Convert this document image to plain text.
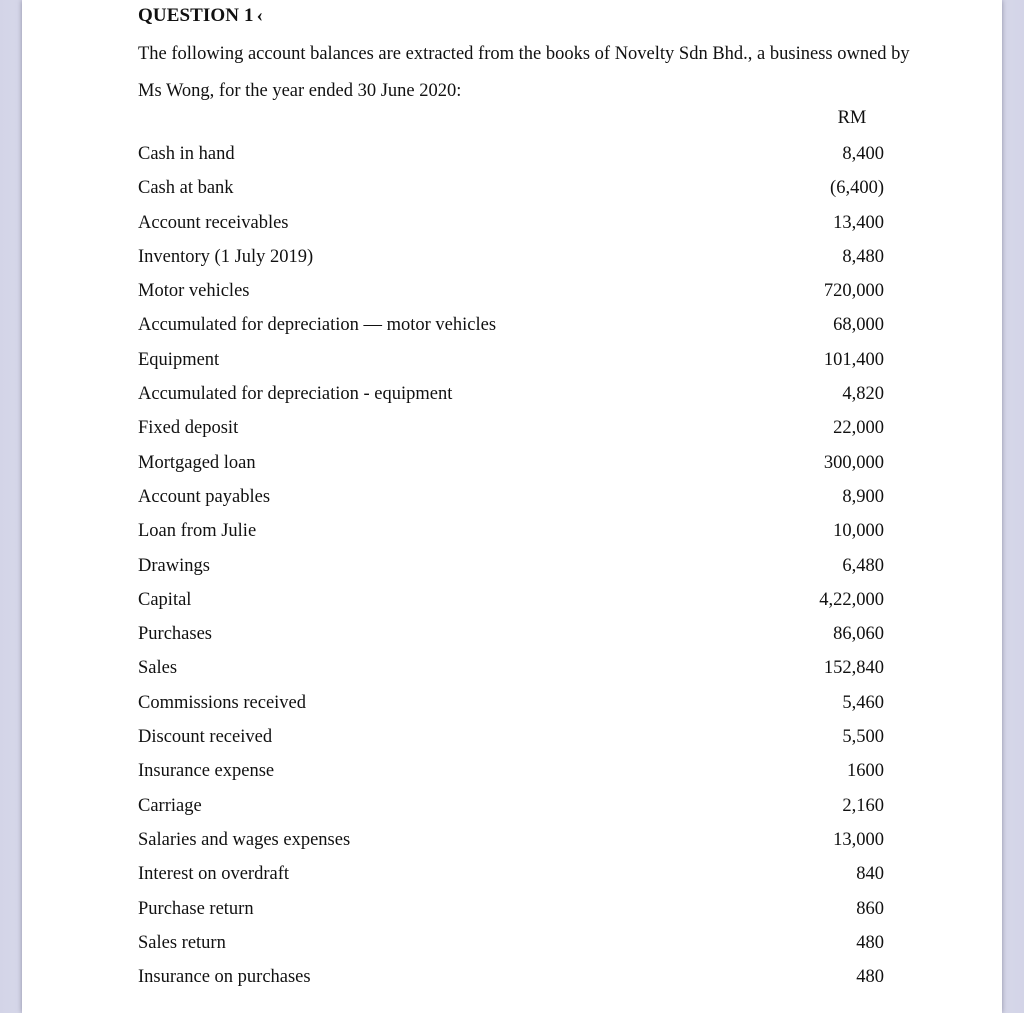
QUESTION 1 ‹

The following account balances are extracted from the books of Novelty Sdn Bhd., a business owned by Ms Wong, for the year ended 30 June 2020:

RM
Cash in hand	8,400
Cash at bank	(6,400)
Account receivables	13,400
Inventory (1 July 2019)	8,480
Motor vehicles	720,000
Accumulated for depreciation — motor vehicles	68,000
Equipment	101,400
Accumulated for depreciation - equipment	4,820
Fixed deposit	22,000
Mortgaged loan	300,000
Account payables	8,900
Loan from Julie	10,000
Drawings	6,480
Capital	4,22,000
Purchases	86,060
Sales	152,840
Commissions received	5,460
Discount received	5,500
Insurance expense	1600
Carriage	2,160
Salaries and wages expenses	13,000
Interest on overdraft	840
Purchase return	860
Sales return	480
Insurance on purchases	480
